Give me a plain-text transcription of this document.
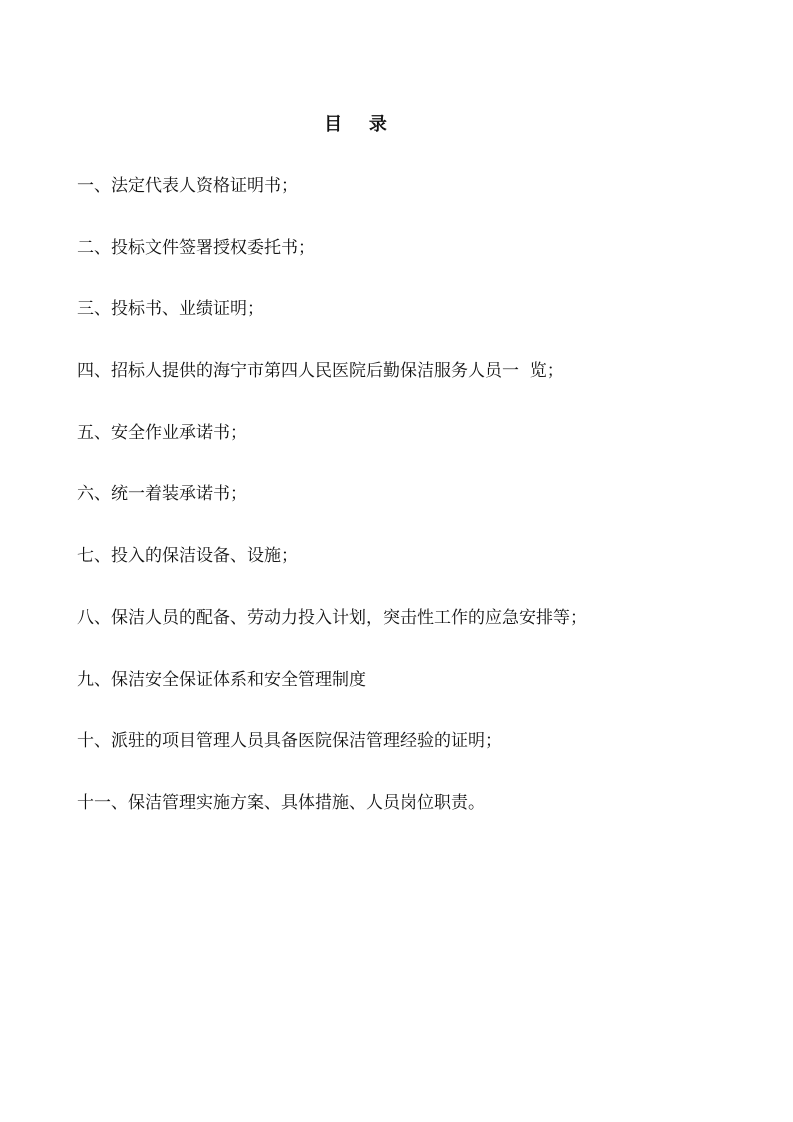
目   录
一、法定代表人资格证明书；
二、投标文件签署授权委托书；
三、投标书、业绩证明；
四、招标人提供的海宁市第四人民医院后勤保洁服务人员一  览；
五、安全作业承诺书；
六、统一着装承诺书；
七、投入的保洁设备、设施；
八、保洁人员的配备、劳动力投入计划，突击性工作的应急安排等；
九、保洁安全保证体系和安全管理制度
十、派驻的项目管理人员具备医院保洁管理经验的证明；
十一、保洁管理实施方案、具体措施、人员岗位职责。
